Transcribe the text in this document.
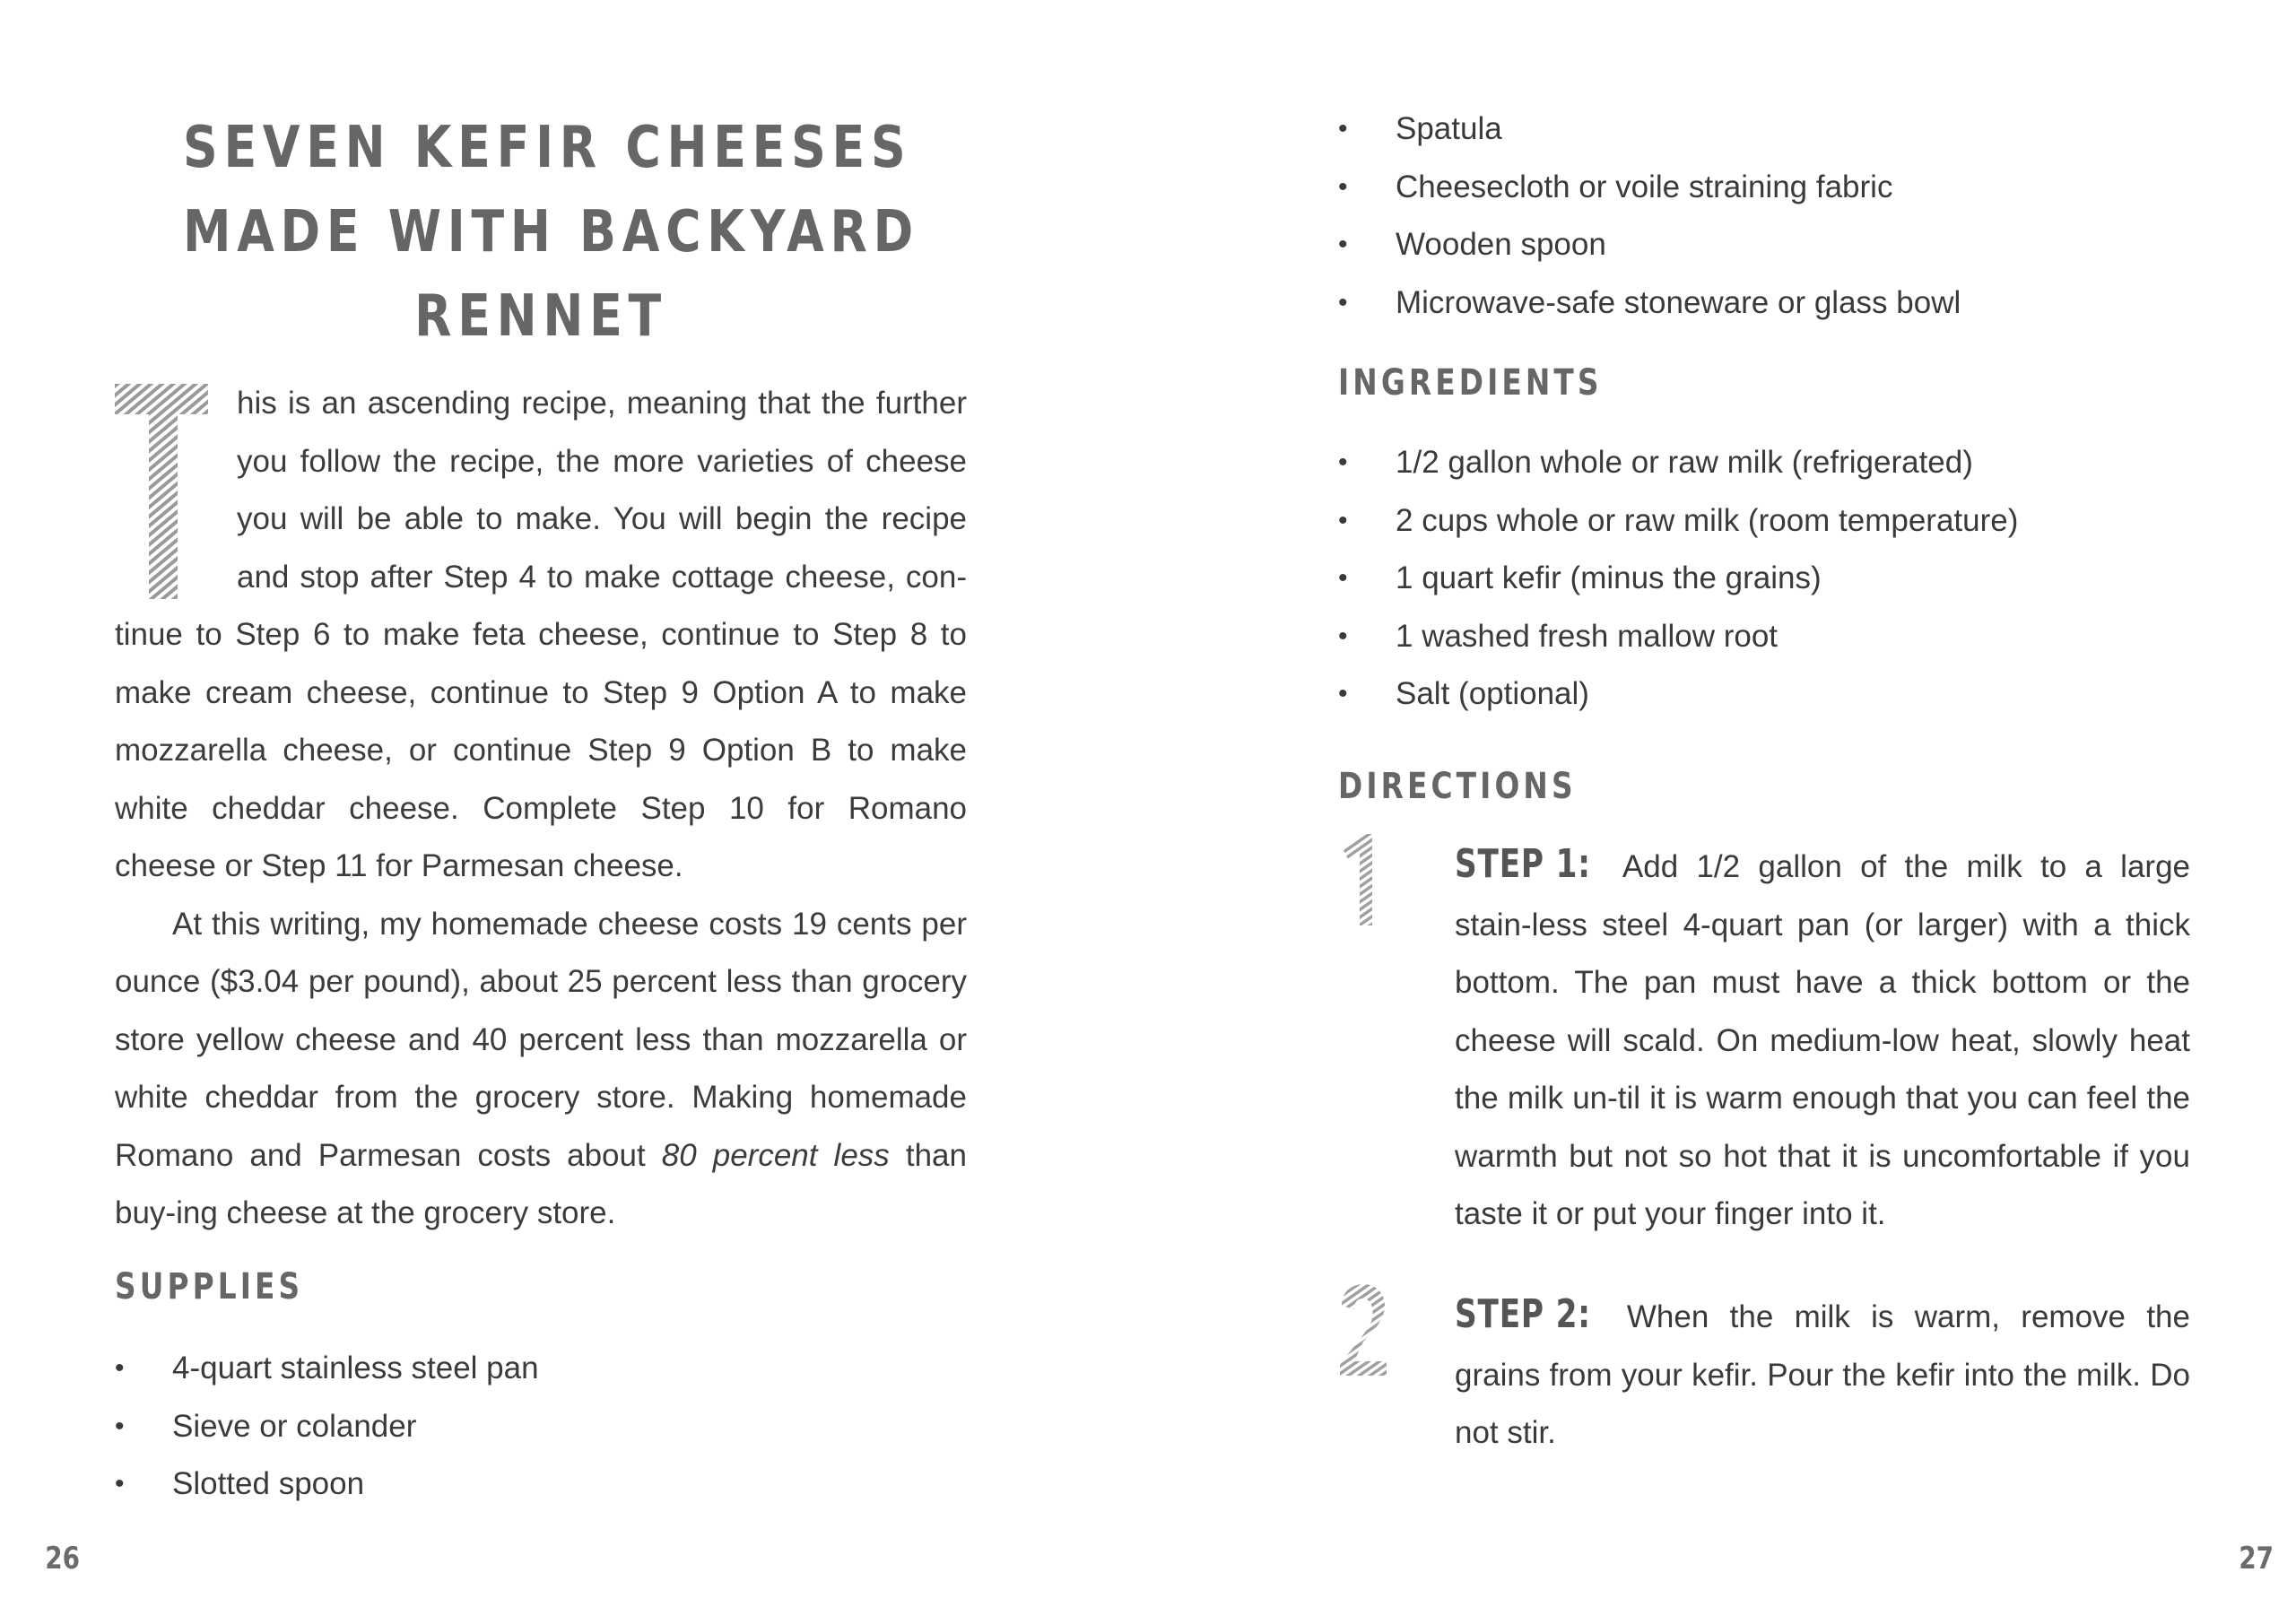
SEVEN KEFIR CHEESES
MADE WITH BACKYARD
RENNET

his is an ascending recipe, meaning that the further

you follow the recipe, the more varieties of cheese

you will be able to make. You will begin the recipe

and stop after Step 4 to make cottage cheese, con-

tinue to Step 6 to make feta cheese, continue to Step 8 to make cream cheese, continue to Step 9 Option A to make mozzarella cheese, or continue Step 9 Option B to make white cheddar cheese. Complete Step 10 for Romano cheese or Step 11 for Parmesan cheese.

At this writing, my homemade cheese costs 19 cents per ounce ($3.04 per pound), about 25 percent less than grocery store yellow cheese and 40 percent less than mozzarella or white cheddar from the grocery store. Making homemade Romano and Parmesan costs about 80 percent less than buy-ing cheese at the grocery store.

SUPPLIES
• 4-quart stainless steel pan
• Sieve or colander
• Slotted spoon
26
• Spatula
• Cheesecloth or voile straining fabric
• Wooden spoon
• Microwave-safe stoneware or glass bowl
INGREDIENTS
• 1/2 gallon whole or raw milk (refrigerated)
• 2 cups whole or raw milk (room temperature)
• 1 quart kefir (minus the grains)
• 1 washed fresh mallow root
• Salt (optional)
DIRECTIONS
27

STEP 1: Add 1/2 gallon of the milk to a large stain-less steel 4-quart pan (or larger) with a thick bottom. The pan must have a thick bottom or the cheese will scald. On medium-low heat, slowly heat the milk un-til it is warm enough that you can feel the warmth but not so hot that it is uncomfortable if you taste it or put your finger into it.

STEP 2: When the milk is warm, remove the grains from your kefir. Pour the kefir into the milk. Do not stir.
